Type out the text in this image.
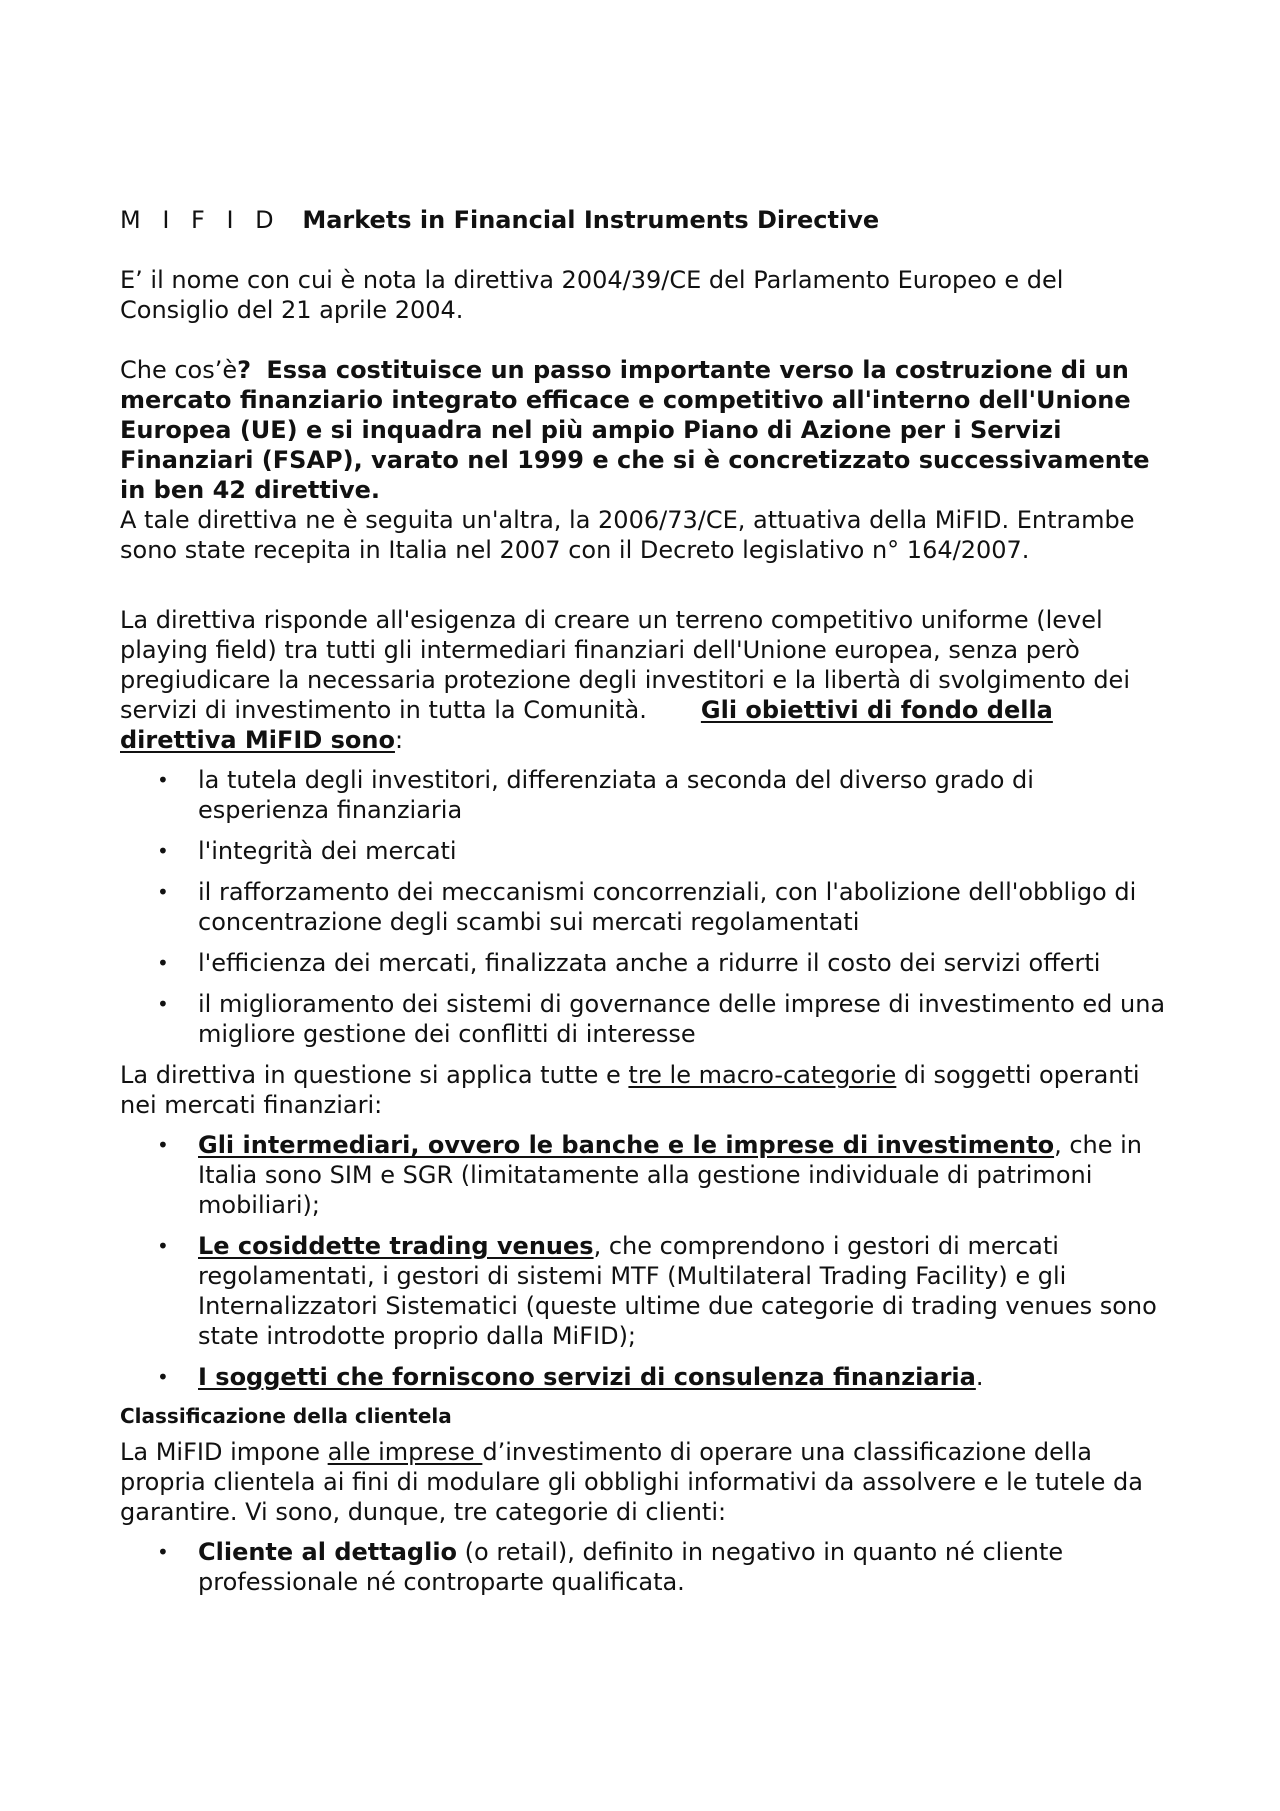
M I F I D Markets in Financial Instruments Directive

E’ il nome con cui è nota la direttiva 2004/39/CE del Parlamento Europeo e del Consiglio del 21 aprile 2004.

Che cos’è? Essa costituisce un passo importante verso la costruzione di un mercato finanziario integrato efficace e competitivo all'interno dell'Unione Europea (UE) e si inquadra nel più ampio Piano di Azione per i Servizi Finanziari (FSAP), varato nel 1999 e che si è concretizzato successivamente in ben 42 direttive.

A tale direttiva ne è seguita un'altra, la 2006/73/CE, attuativa della MiFID. Entrambe sono state recepita in Italia nel 2007 con il Decreto legislativo n° 164/2007.

La direttiva risponde all'esigenza di creare un terreno competitivo uniforme (level playing field) tra tutti gli intermediari finanziari dell'Unione europea, senza però pregiudicare la necessaria protezione degli investitori e la libertà di svolgimento dei servizi di investimento in tutta la Comunità. Gli obiettivi di fondo della direttiva MiFID sono:

• la tutela degli investitori, differenziata a seconda del diverso grado di esperienza finanziaria
• l'integrità dei mercati
• il rafforzamento dei meccanismi concorrenziali, con l'abolizione dell'obbligo di concentrazione degli scambi sui mercati regolamentati
• l'efficienza dei mercati, finalizzata anche a ridurre il costo dei servizi offerti
• il miglioramento dei sistemi di governance delle imprese di investimento ed una migliore gestione dei conflitti di interesse

La direttiva in questione si applica tutte e tre le macro-categorie di soggetti operanti nei mercati finanziari:

• Gli intermediari, ovvero le banche e le imprese di investimento, che in Italia sono SIM e SGR (limitatamente alla gestione individuale di patrimoni mobiliari);
• Le cosiddette trading venues, che comprendono i gestori di mercati regolamentati, i gestori di sistemi MTF (Multilateral Trading Facility) e gli Internalizzatori Sistematici (queste ultime due categorie di trading venues sono state introdotte proprio dalla MiFID);
• I soggetti che forniscono servizi di consulenza finanziaria.

Classificazione della clientela

La MiFID impone alle imprese d’investimento di operare una classificazione della propria clientela ai fini di modulare gli obblighi informativi da assolvere e le tutele da garantire. Vi sono, dunque, tre categorie di clienti:

• Cliente al dettaglio (o retail), definito in negativo in quanto né cliente professionale né controparte qualificata.
